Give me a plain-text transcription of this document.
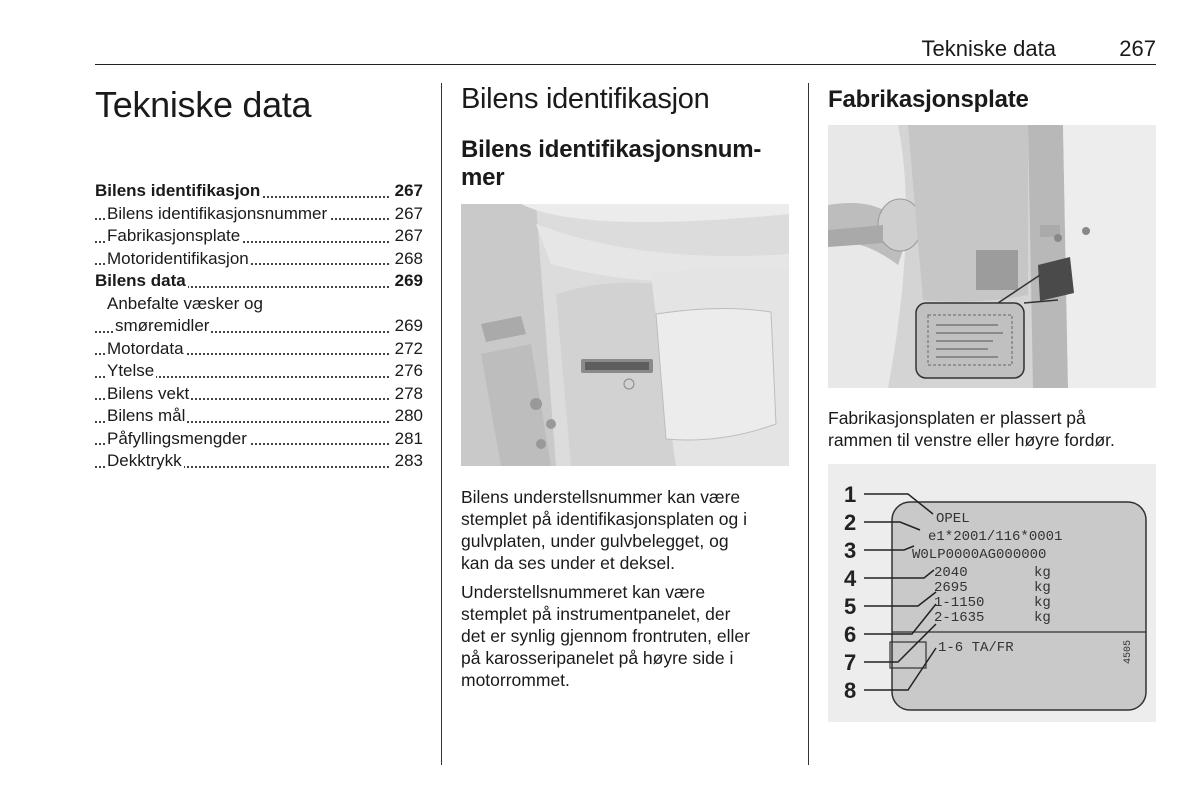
Tekniske data	267
Tekniske data
Bilens identifikasjon	267
Bilens identifikasjonsnummer	267
Fabrikasjonsplate	267
Motoridentifikasjon	268
Bilens data	269
Anbefalte væsker og
smøremidler	269
Motordata	272
Ytelse	276
Bilens vekt	278
Bilens mål	280
Påfyllingsmengder	281
Dekktrykk	283
Bilens identifikasjon
Bilens identifikasjonsnum-
mer
Bilens understellsnummer kan være
stemplet på identifikasjonsplaten og i
gulvplaten, under gulvbelegget, og
kan da ses under et deksel.
Understellsnummeret kan være
stemplet på instrumentpanelet, der
det er synlig gjennom frontruten, eller
på karosseripanelet på høyre side i
motorrommet.
Fabrikasjonsplate
Fabrikasjonsplaten er plassert på
rammen til venstre eller høyre fordør.
1
2
3
4
5
6
7
8
OPEL
e1*2001/116*0001
W0LP0000AG000000
2040
2695
1-1150
2-1635
1-6 TA/FR
kg
kg
kg
kg
4505
